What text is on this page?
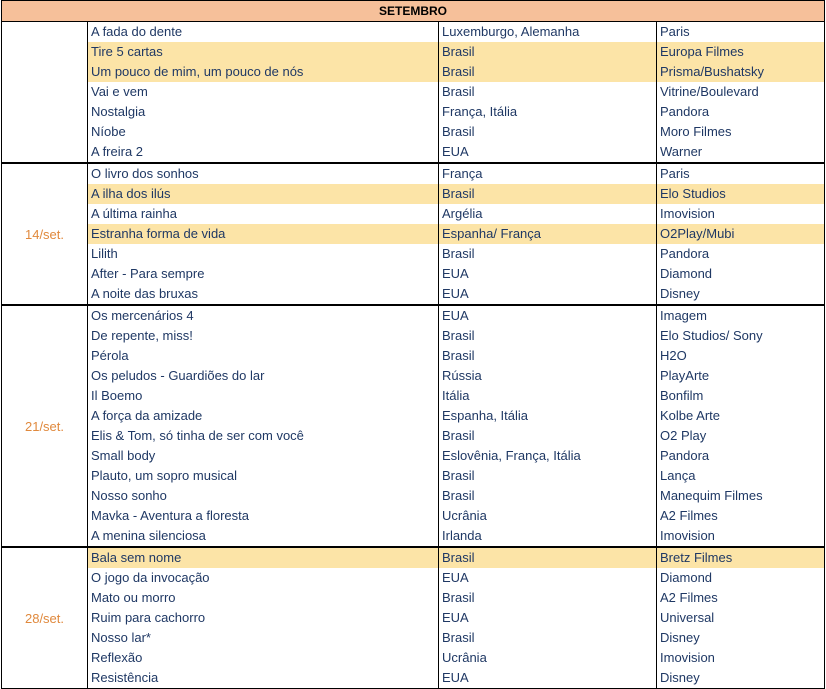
SETEMBRO
A fada do dente	Luxemburgo, Alemanha	Paris
Tire 5 cartas	Brasil	Europa Filmes
Um pouco de mim, um pouco de nós	Brasil	Prisma/Bushatsky
Vai e vem	Brasil	Vitrine/Boulevard
Nostalgia	França, Itália	Pandora
Níobe	Brasil	Moro Filmes
A freira 2	EUA	Warner
14/set.
O livro dos sonhos	França	Paris
A ilha dos ilús	Brasil	Elo Studios
A última rainha	Argélia	Imovision
Estranha forma de vida	Espanha/ França	O2Play/Mubi
Lilith	Brasil	Pandora
After - Para sempre	EUA	Diamond
A noite das bruxas	EUA	Disney
21/set.
Os mercenários 4	EUA	Imagem
De repente, miss!	Brasil	Elo Studios/ Sony
Pérola	Brasil	H2O
Os peludos - Guardiões do lar	Rússia	PlayArte
Il Boemo	Itália	Bonfilm
A força da amizade	Espanha, Itália	Kolbe Arte
Elis & Tom, só tinha de ser com você	Brasil	O2 Play
Small body	Eslovênia, França, Itália	Pandora
Plauto, um sopro musical	Brasil	Lança
Nosso sonho	Brasil	Manequim Filmes
Mavka - Aventura a floresta	Ucrânia	A2 Filmes
A menina silenciosa	Irlanda	Imovision
28/set.
Bala sem nome	Brasil	Bretz Filmes
O jogo da invocação	EUA	Diamond
Mato ou morro	Brasil	A2 Filmes
Ruim para cachorro	EUA	Universal
Nosso lar*	Brasil	Disney
Reflexão	Ucrânia	Imovision
Resistência	EUA	Disney
